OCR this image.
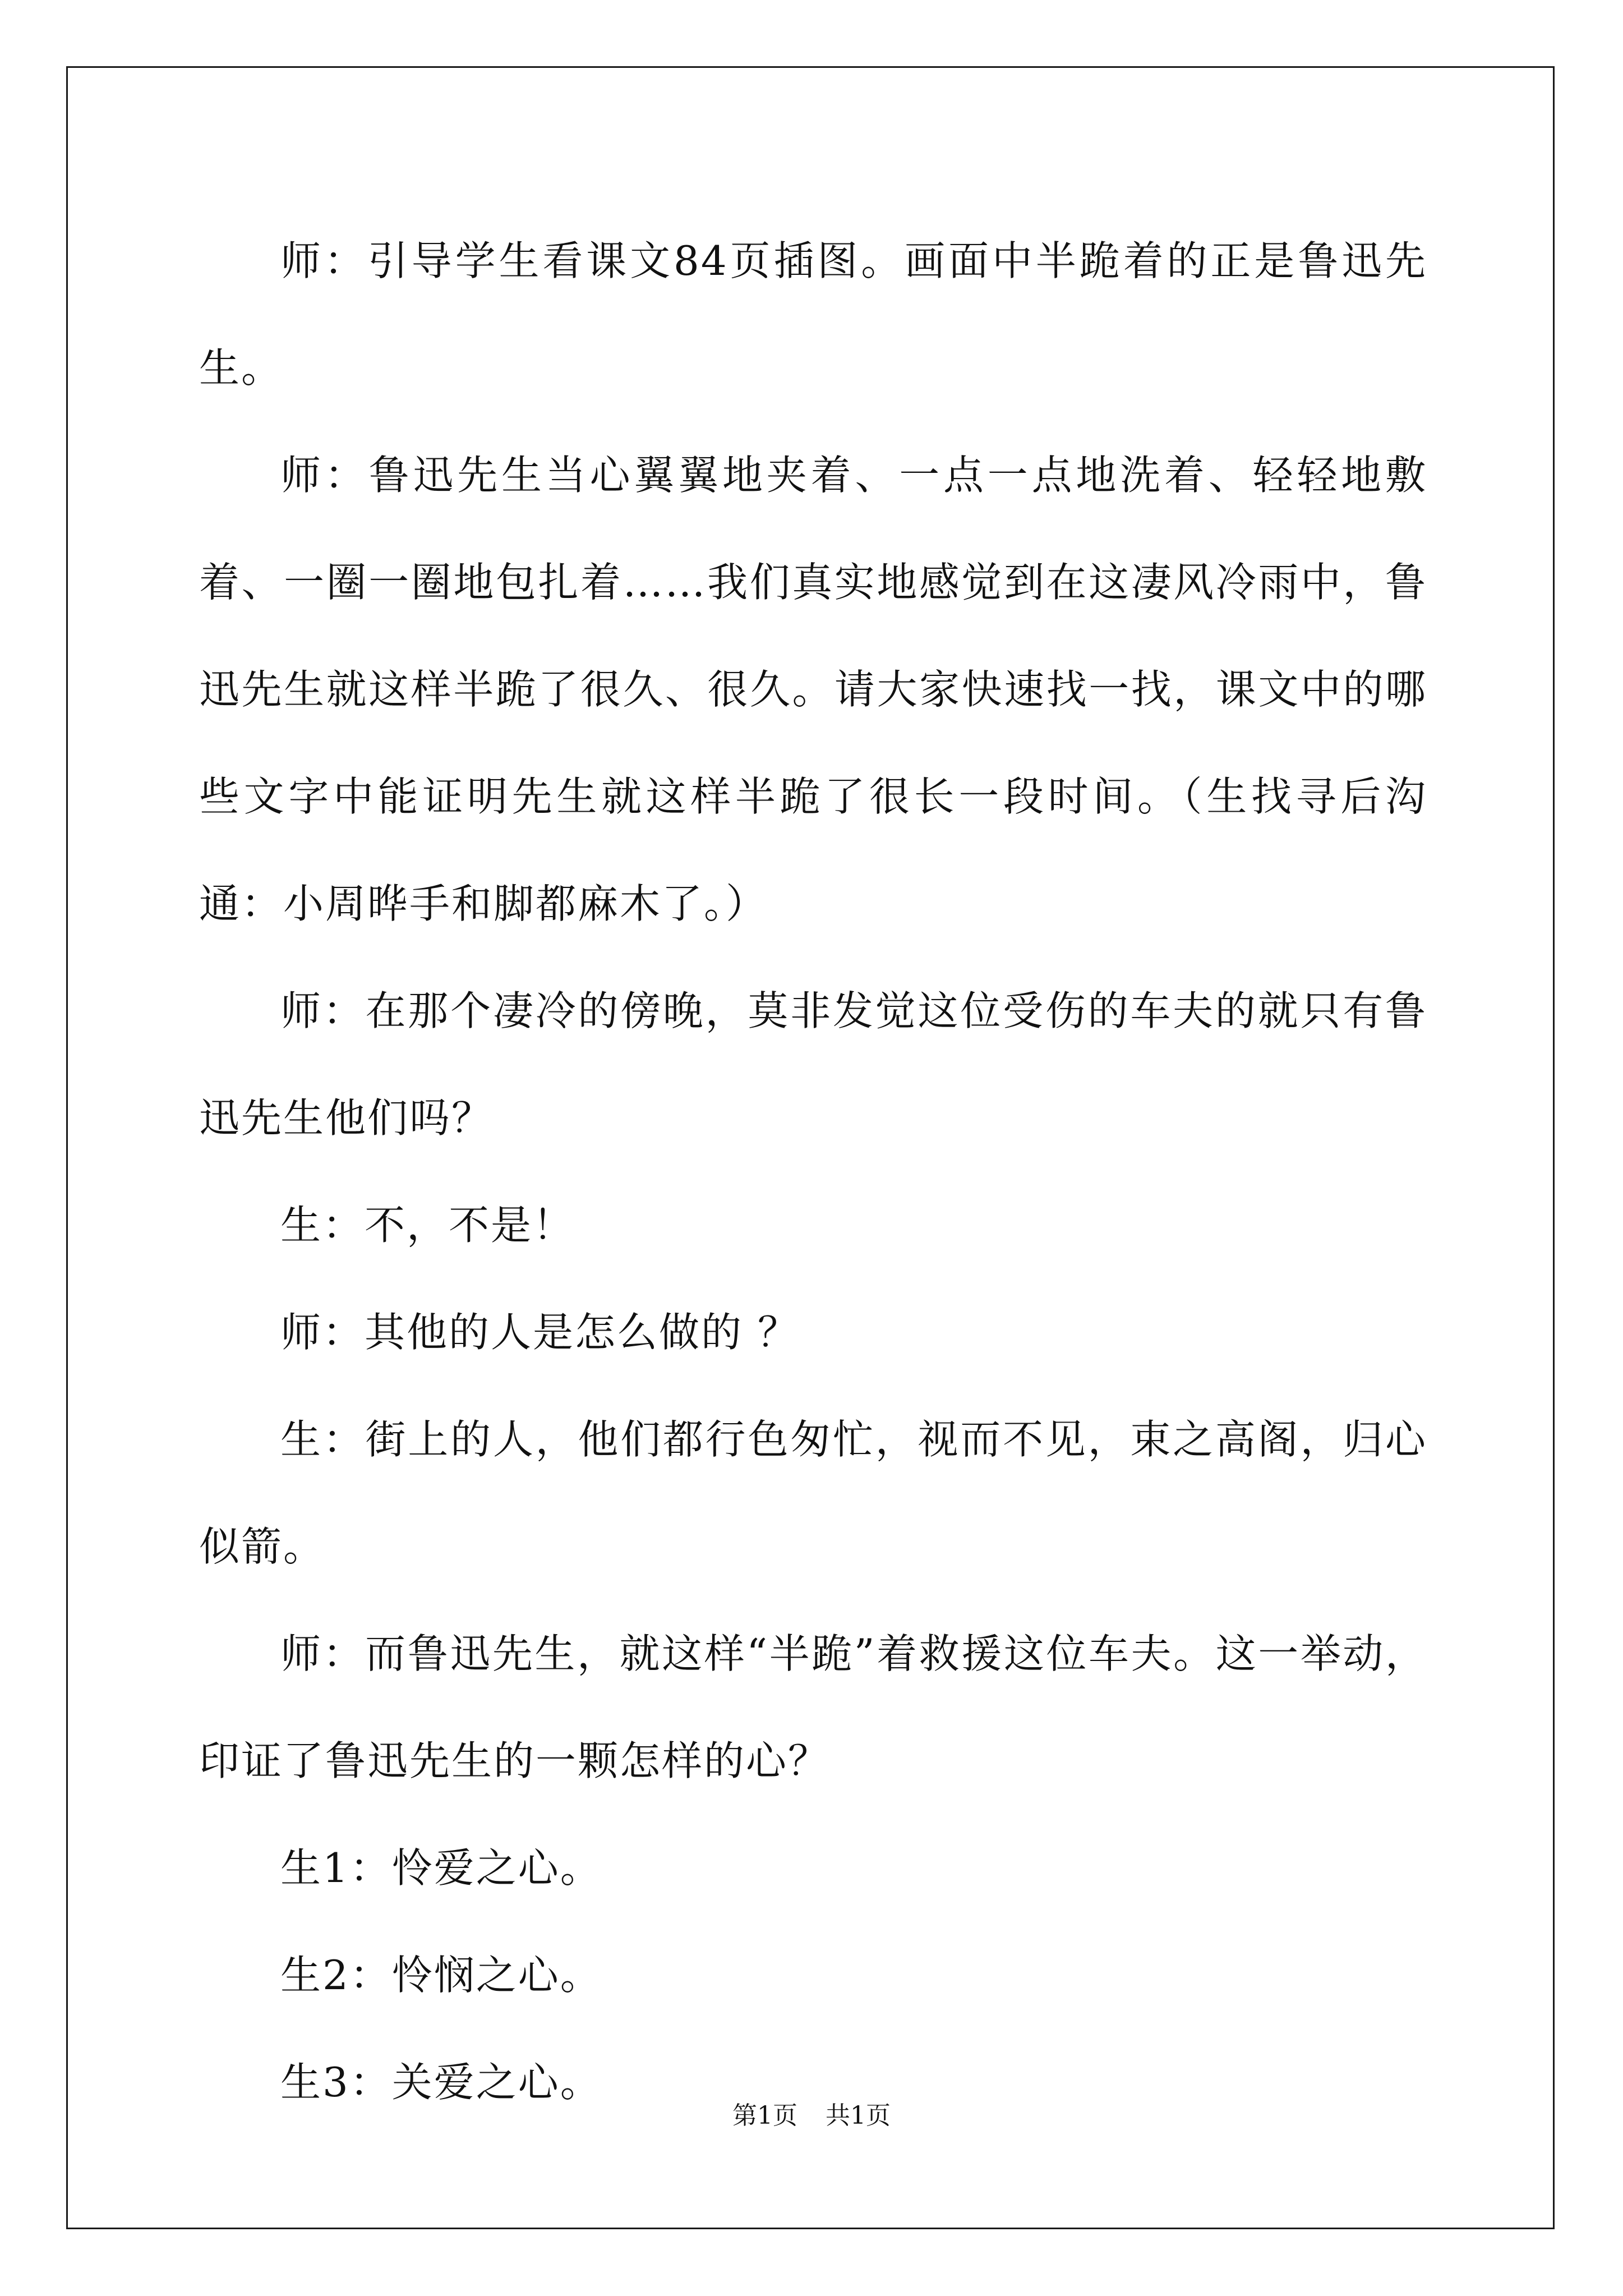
师：引导学生看课文84页插图。画面中半跪着的正是鲁迅先生。

师：鲁迅先生当心翼翼地夹着、一点一点地洗着、轻轻地敷着、一圈一圈地包扎着……我们真实地感觉到在这凄风冷雨中，鲁迅先生就这样半跪了很久、很久。请大家快速找一找，课文中的哪些文字中能证明先生就这样半跪了很长一段时间。（生找寻后沟通：小周晔手和脚都麻木了。）

师：在那个凄冷的傍晚，莫非发觉这位受伤的车夫的就只有鲁迅先生他们吗？

生：不，不是！

师：其他的人是怎么做的 ？

生：街上的人，他们都行色匆忙，视而不见，束之高阁，归心似箭。

师：而鲁迅先生，就这样“半跪”着救援这位车夫。这一举动，印证了鲁迅先生的一颗怎样的心？

生1：怜爱之心。

生2：怜悯之心。

生3：关爱之心。

第1页 共1页
